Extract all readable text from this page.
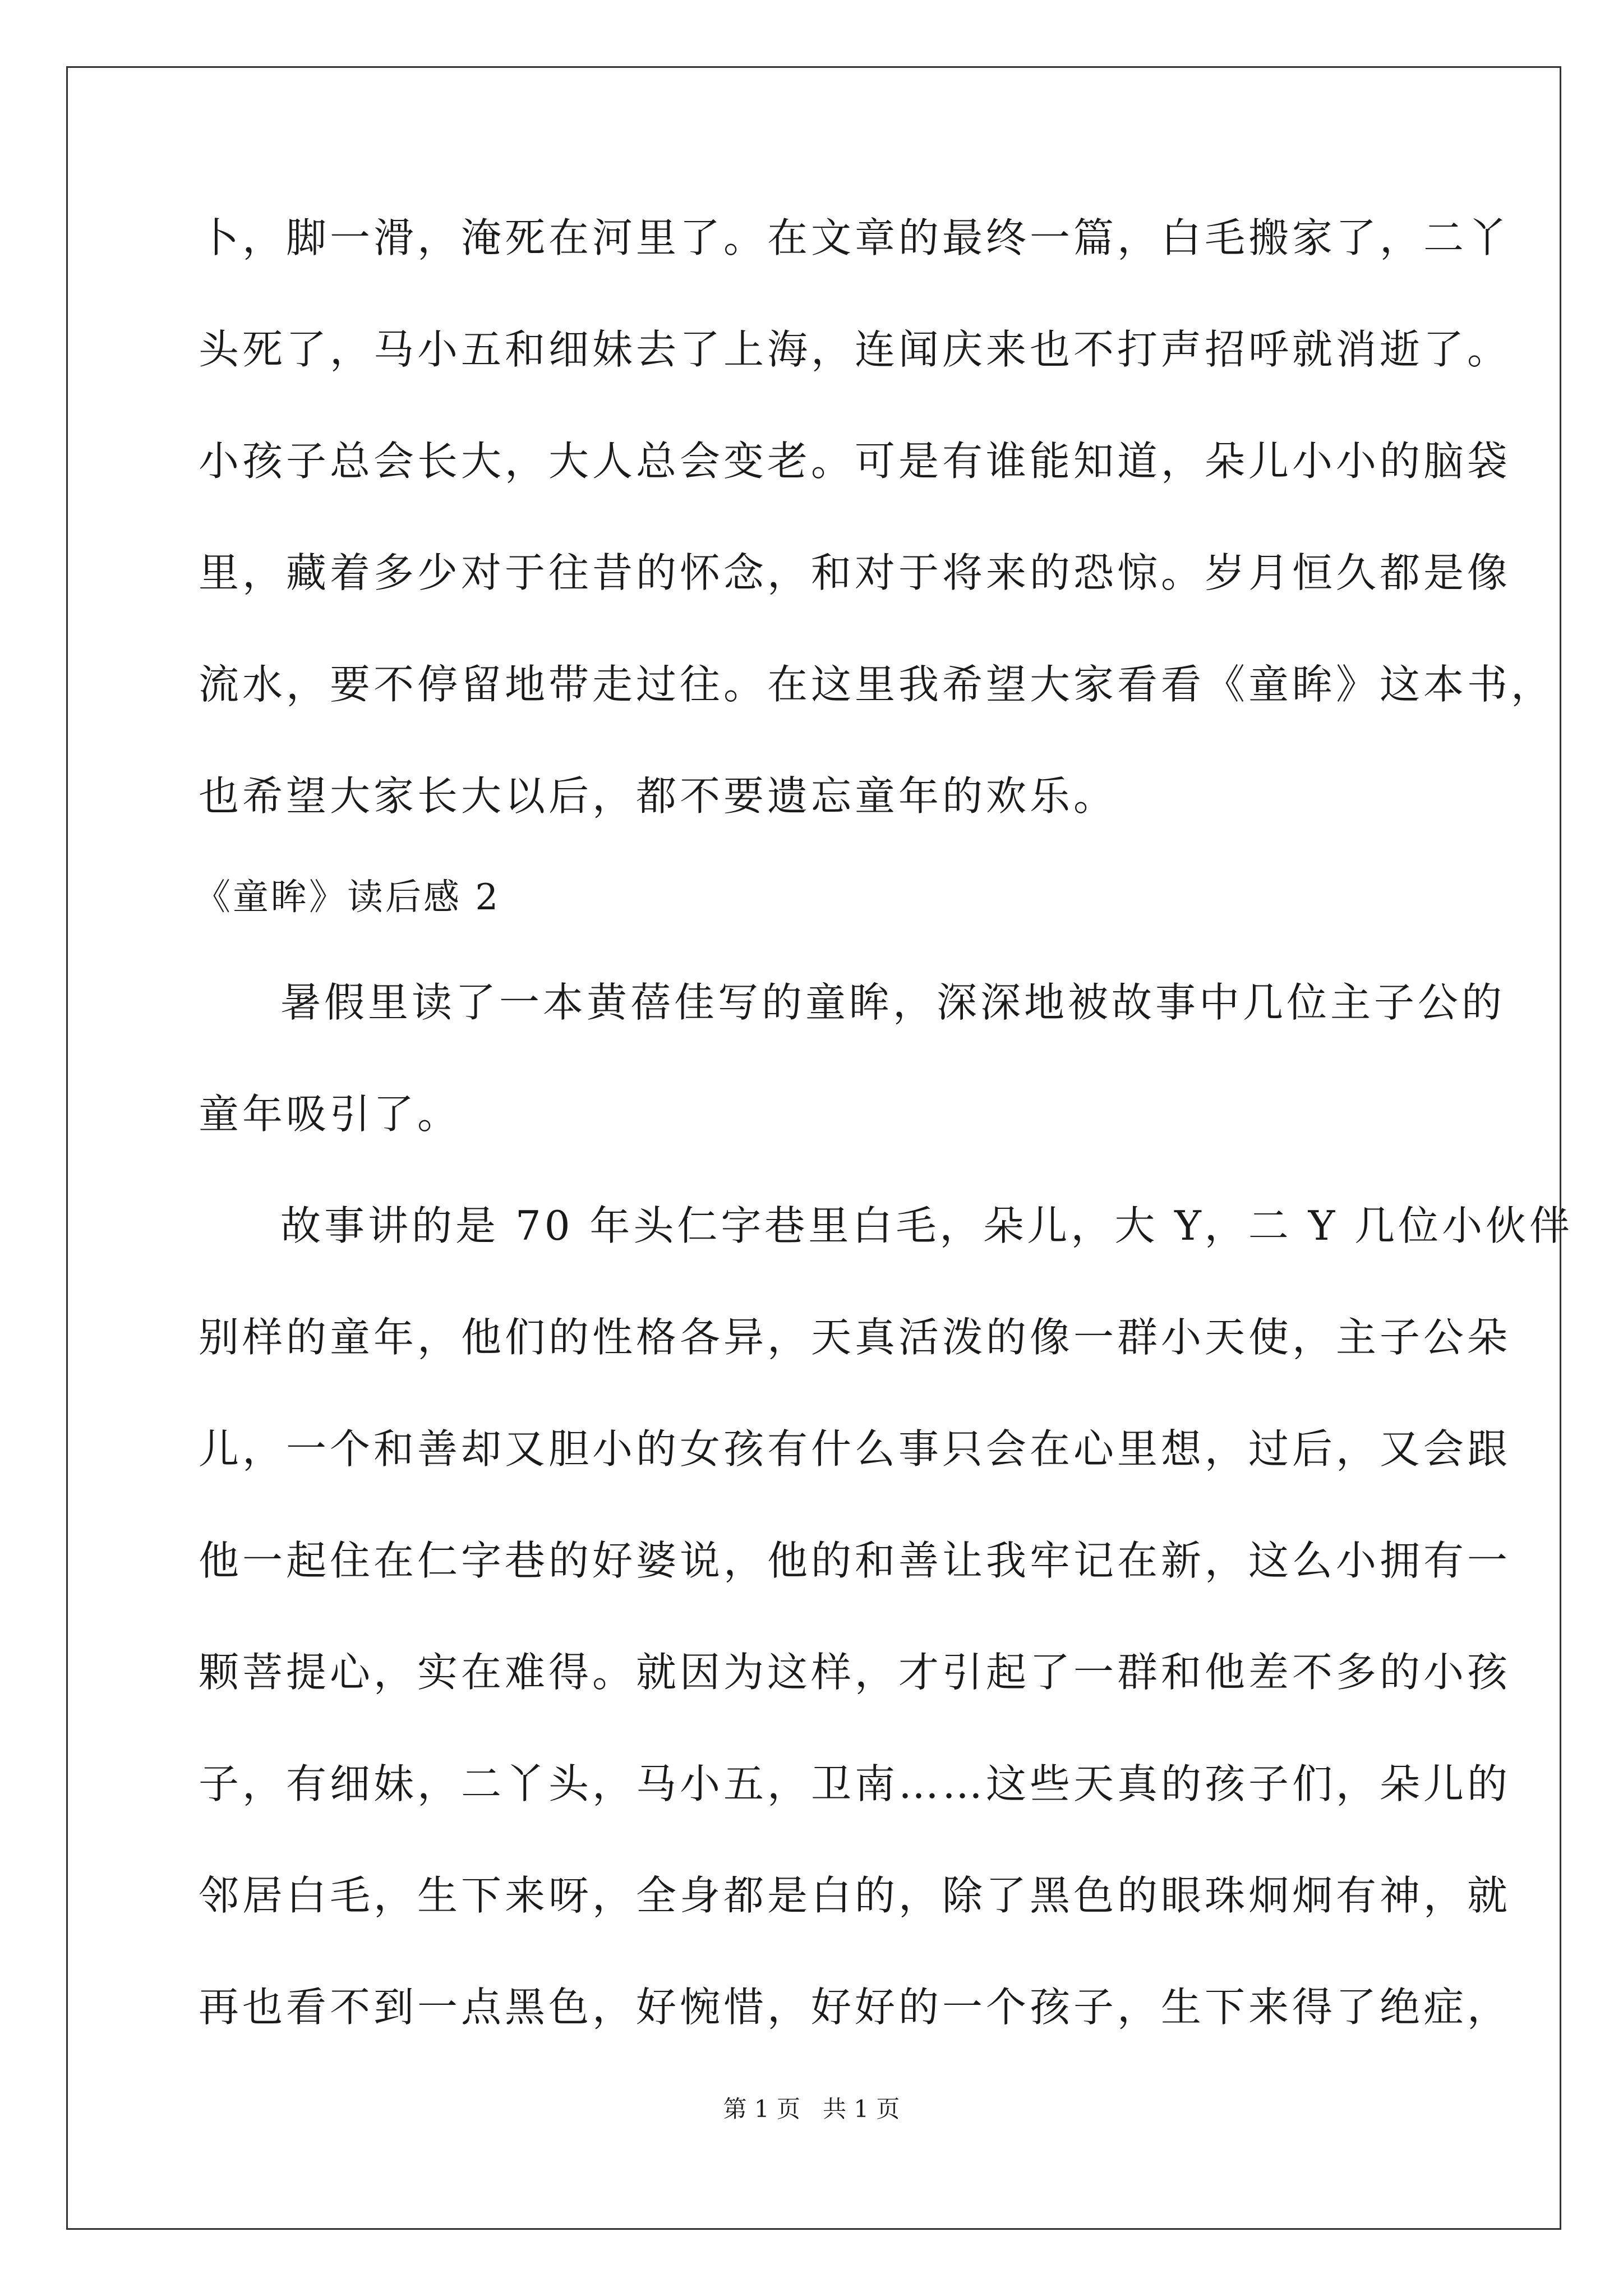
卜，脚一滑，淹死在河里了。在文章的最终一篇，白毛搬家了，二丫
头死了，马小五和细妹去了上海，连闻庆来也不打声招呼就消逝了。
小孩子总会长大，大人总会变老。可是有谁能知道，朵儿小小的脑袋
里，藏着多少对于往昔的怀念，和对于将来的恐惊。岁月恒久都是像
流水，要不停留地带走过往。在这里我希望大家看看《童眸》这本书，
也希望大家长大以后，都不要遗忘童年的欢乐。
《童眸》读后感 2
暑假里读了一本黄蓓佳写的童眸，深深地被故事中几位主子公的
童年吸引了。
故事讲的是 70 年头仁字巷里白毛，朵儿，大 Y，二 Y 几位小伙伴
别样的童年，他们的性格各异，天真活泼的像一群小天使，主子公朵
儿，一个和善却又胆小的女孩有什么事只会在心里想，过后，又会跟
他一起住在仁字巷的好婆说，他的和善让我牢记在新，这么小拥有一
颗菩提心，实在难得。就因为这样，才引起了一群和他差不多的小孩
子，有细妹，二丫头，马小五，卫南……这些天真的孩子们，朵儿的
邻居白毛，生下来呀，全身都是白的，除了黑色的眼珠炯炯有神，就
再也看不到一点黑色，好惋惜，好好的一个孩子，生下来得了绝症，
第 1 页 共 1 页
